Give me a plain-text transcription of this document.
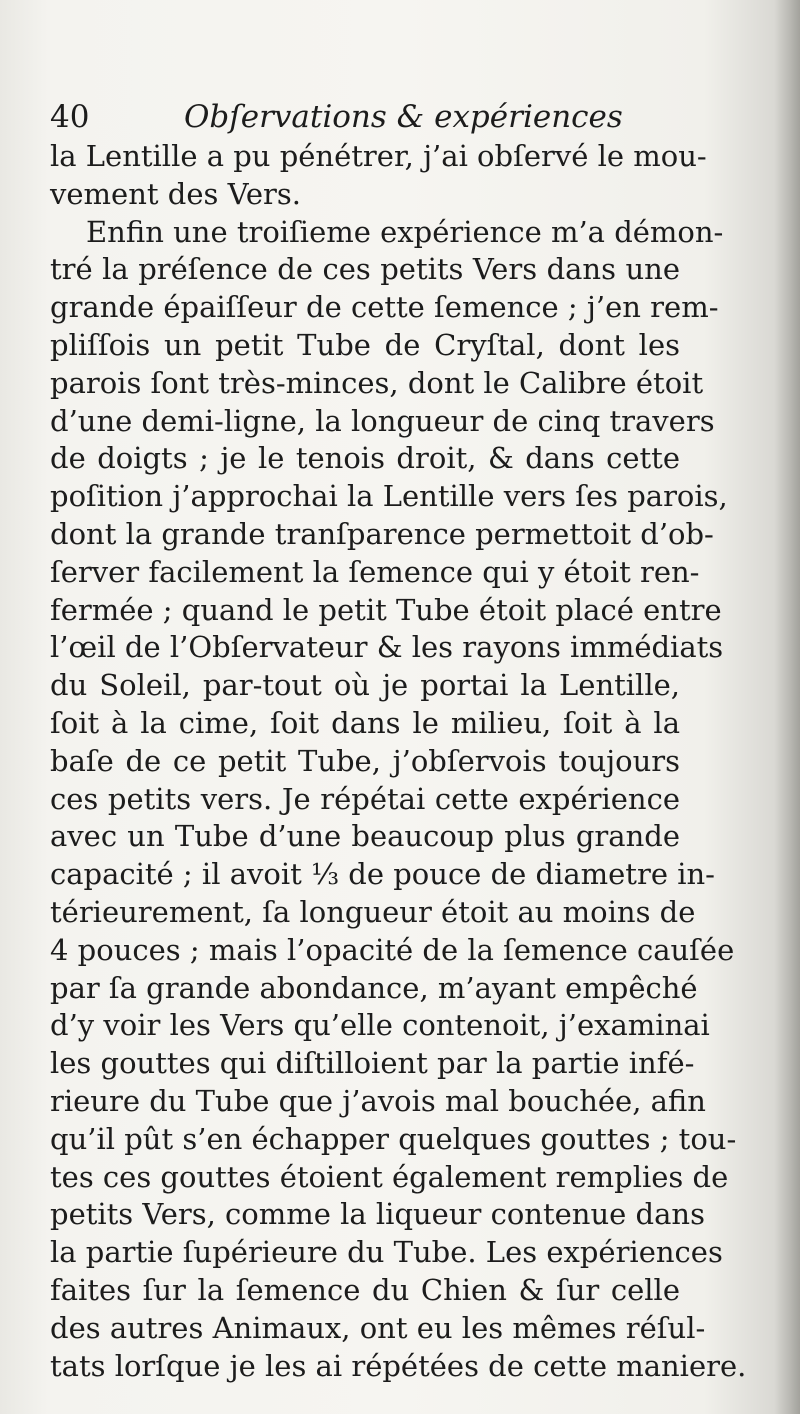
40	Obſervations & expériences
la Lentille a pu pénétrer, j’ai obſervé le mou-
vement des Vers.
Enfin une troiſieme expérience m’a démon-
tré la préſence de ces petits Vers dans une
grande épaiſſeur de cette ſemence ; j’en rem-
pliſſois un petit Tube de Cryſtal, dont les
parois ſont très-minces, dont le Calibre étoit
d’une demi-ligne, la longueur de cinq travers
de doigts ; je le tenois droit, & dans cette
poſition j’approchai la Lentille vers ſes parois,
dont la grande tranſparence permettoit d’ob-
ſerver facilement la ſemence qui y étoit ren-
fermée ; quand le petit Tube étoit placé entre
l’œil de l’Obſervateur & les rayons immédiats
du Soleil, par-tout où je portai la Lentille,
ſoit à la cime, ſoit dans le milieu, ſoit à la
baſe de ce petit Tube, j’obſervois toujours
ces petits vers. Je répétai cette expérience
avec un Tube d’une beaucoup plus grande
capacité ; il avoit ⅓ de pouce de diametre in-
térieurement, ſa longueur étoit au moins de
4 pouces ; mais l’opacité de la ſemence cauſée
par ſa grande abondance, m’ayant empêché
d’y voir les Vers qu’elle contenoit, j’examinai
les gouttes qui diſtilloient par la partie infé-
rieure du Tube que j’avois mal bouchée, afin
qu’il pût s’en échapper quelques gouttes ; tou-
tes ces gouttes étoient également remplies de
petits Vers, comme la liqueur contenue dans
la partie ſupérieure du Tube. Les expériences
faites ſur la ſemence du Chien & ſur celle
des autres Animaux, ont eu les mêmes réſul-
tats lorſque je les ai répétées de cette maniere.
